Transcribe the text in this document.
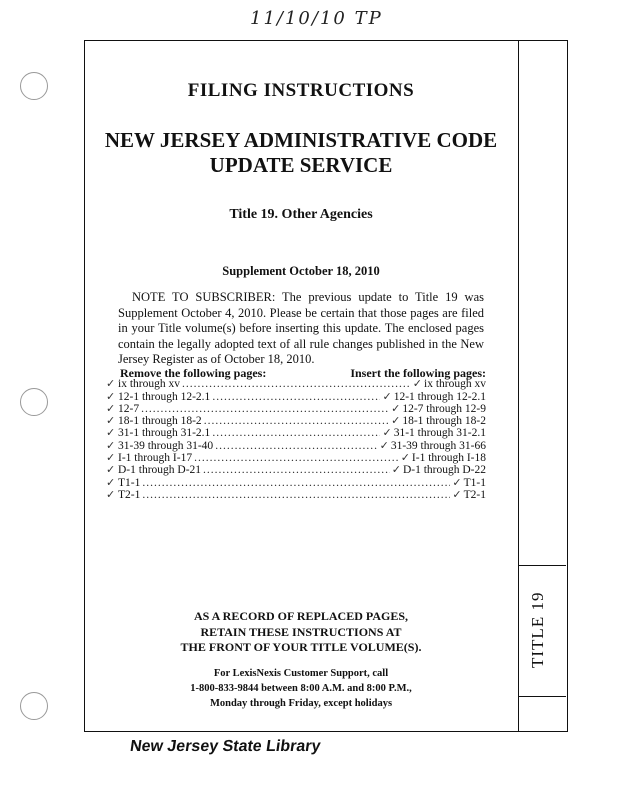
11/10/10 TP
TITLE 19
FILING INSTRUCTIONS
NEW JERSEY ADMINISTRATIVE CODE
UPDATE SERVICE
Title 19. Other Agencies
Supplement October 18, 2010
NOTE TO SUBSCRIBER: The previous update to Title 19 was Supplement October 4, 2010. Please be certain that those pages are filed in your Title volume(s) before inserting this update. The enclosed pages contain the legally adopted text of all rule changes published in the New Jersey Register as of October 18, 2010.
Remove the following pages:	Insert the following pages:
✓ ix through xv .....	✓ ix through xv
✓ 12-1 through 12-2.1 .....	✓ 12-1 through 12-2.1
✓ 12-7 .....	✓ 12-7 through 12-9
✓ 18-1 through 18-2 .....	✓ 18-1 through 18-2
✓ 31-1 through 31-2.1 .....	✓ 31-1 through 31-2.1
✓ 31-39 through 31-40 .....	✓ 31-39 through 31-66
✓ I-1 through I-17 .....	✓ I-1 through I-18
✓ D-1 through D-21 .....	✓ D-1 through D-22
✓ T1-1 .....	✓ T1-1
✓ T2-1 .....	✓ T2-1
AS A RECORD OF REPLACED PAGES,
RETAIN THESE INSTRUCTIONS AT
THE FRONT OF YOUR TITLE VOLUME(S).
For LexisNexis Customer Support, call
1-800-833-9844 between 8:00 A.M. and 8:00 P.M.,
Monday through Friday, except holidays
New Jersey State Library
